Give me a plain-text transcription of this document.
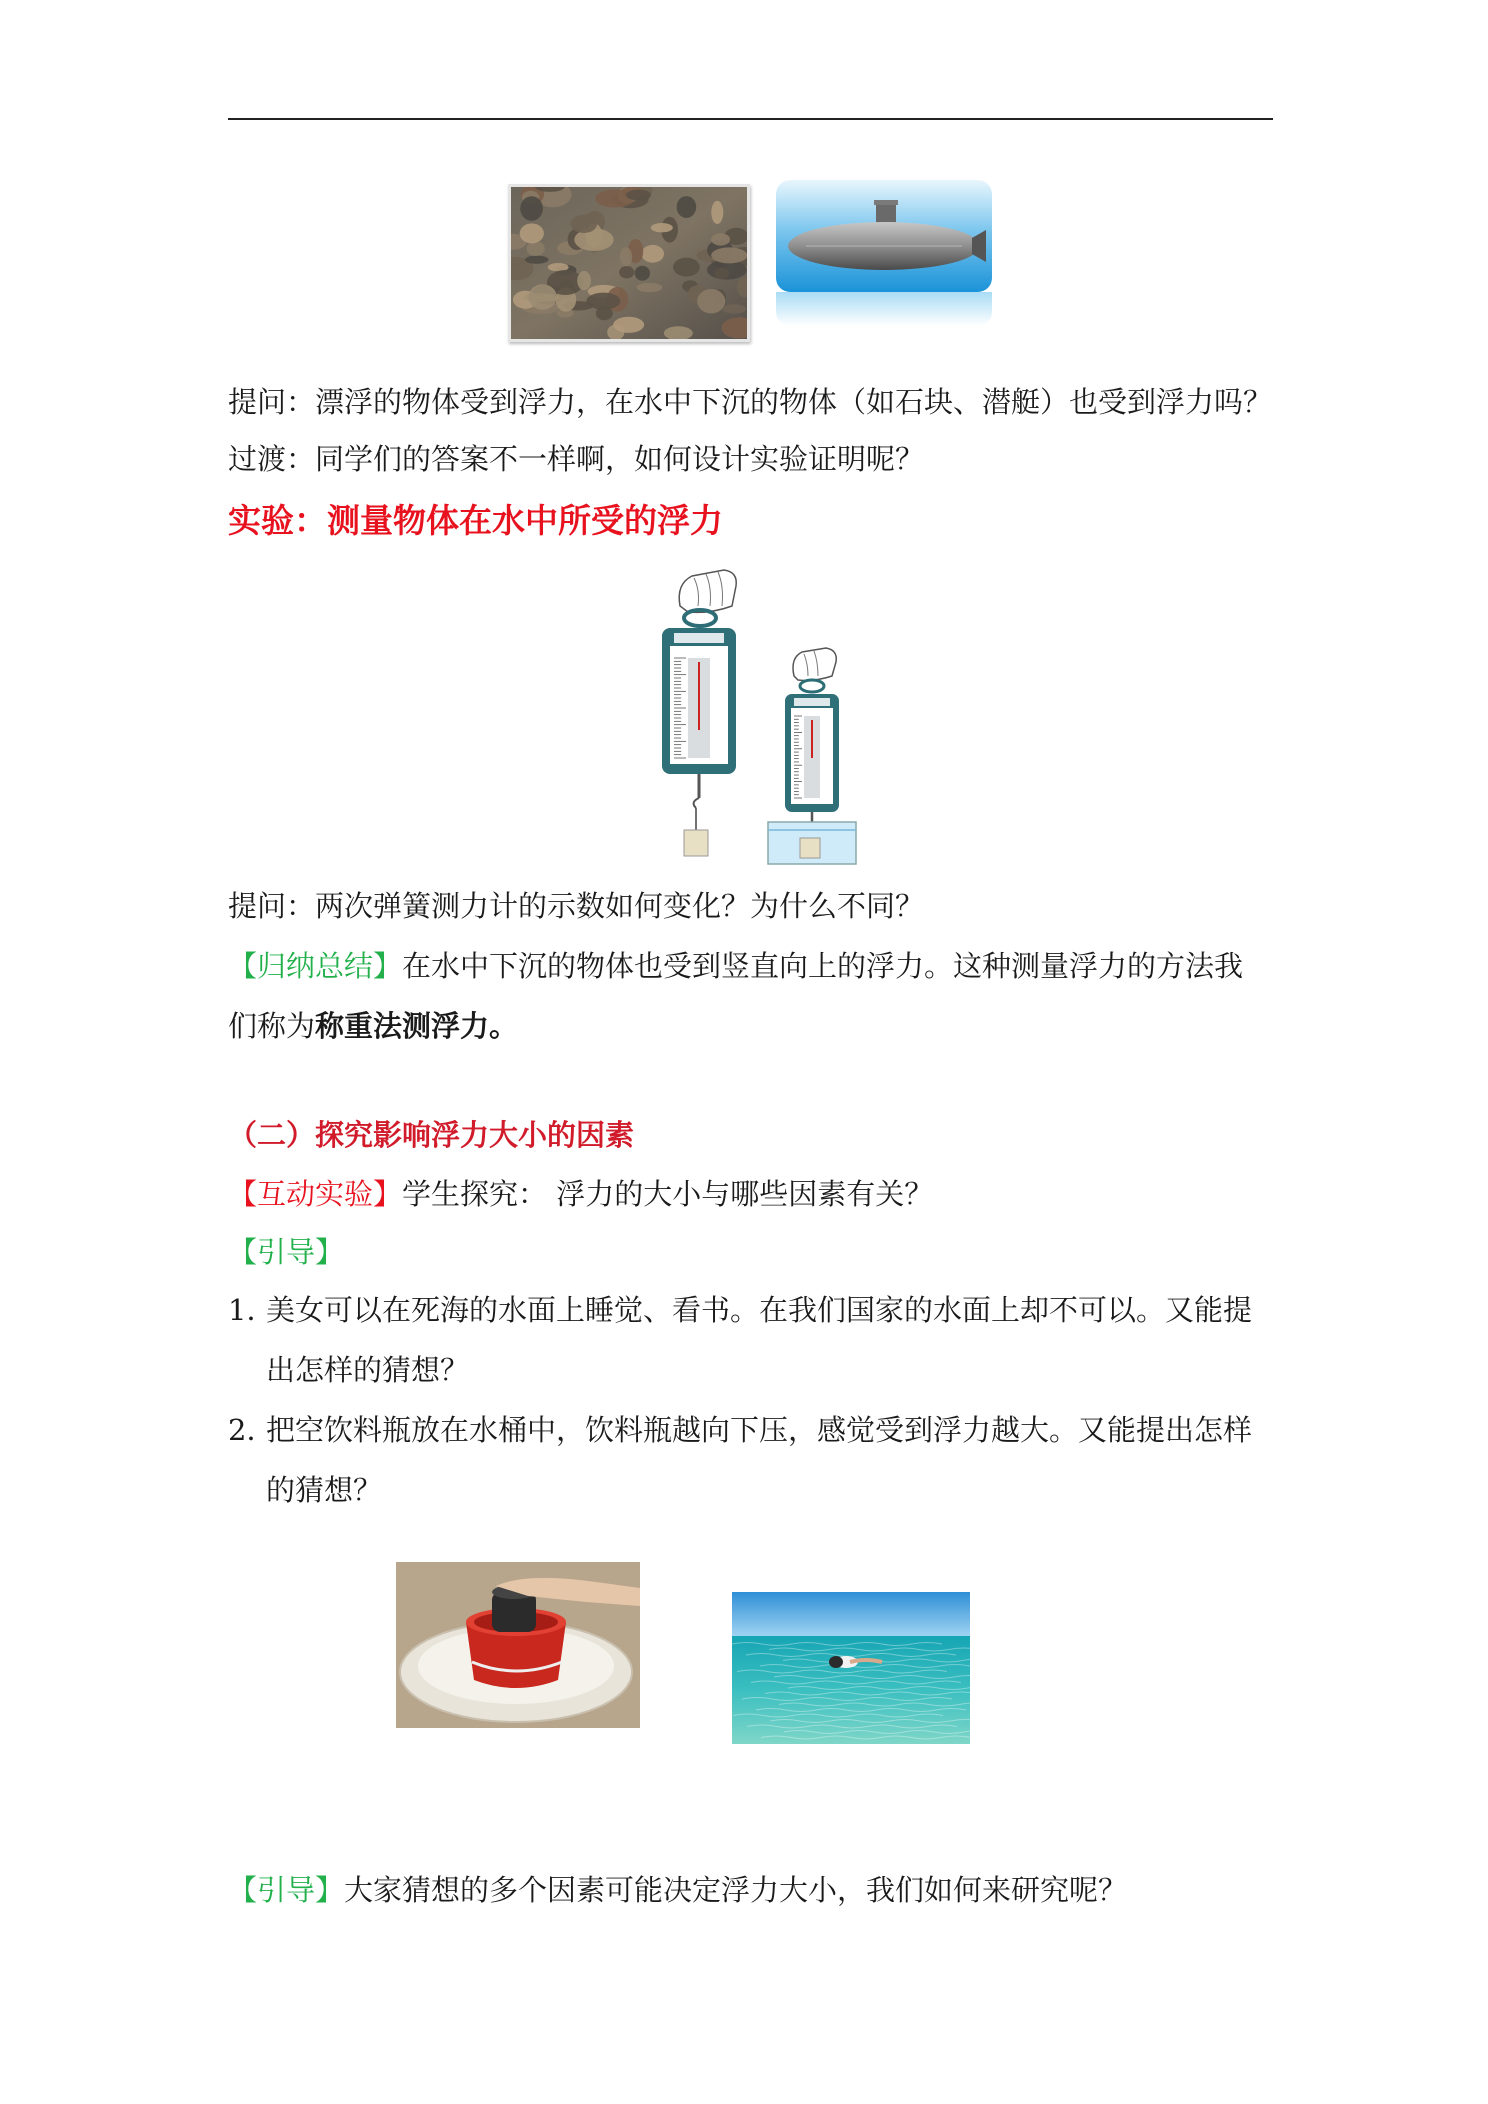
提问：漂浮的物体受到浮力，在水中下沉的物体（如石块、潜艇）也受到浮力吗？
过渡：同学们的答案不一样啊，如何设计实验证明呢？
实验：测量物体在水中所受的浮力
提问：两次弹簧测力计的示数如何变化？为什么不同？
【归纳总结】在水中下沉的物体也受到竖直向上的浮力。这种测量浮力的方法我
们称为称重法测浮力。
（二）探究影响浮力大小的因素
【互动实验】学生探究： 浮力的大小与哪些因素有关？
【引导】
1．
美女可以在死海的水面上睡觉、看书。在我们国家的水面上却不可以。又能提出怎样的猜想？
2．
把空饮料瓶放在水桶中，饮料瓶越向下压，感觉受到浮力越大。又能提出怎样的猜想？
【引导】大家猜想的多个因素可能决定浮力大小，我们如何来研究呢？
